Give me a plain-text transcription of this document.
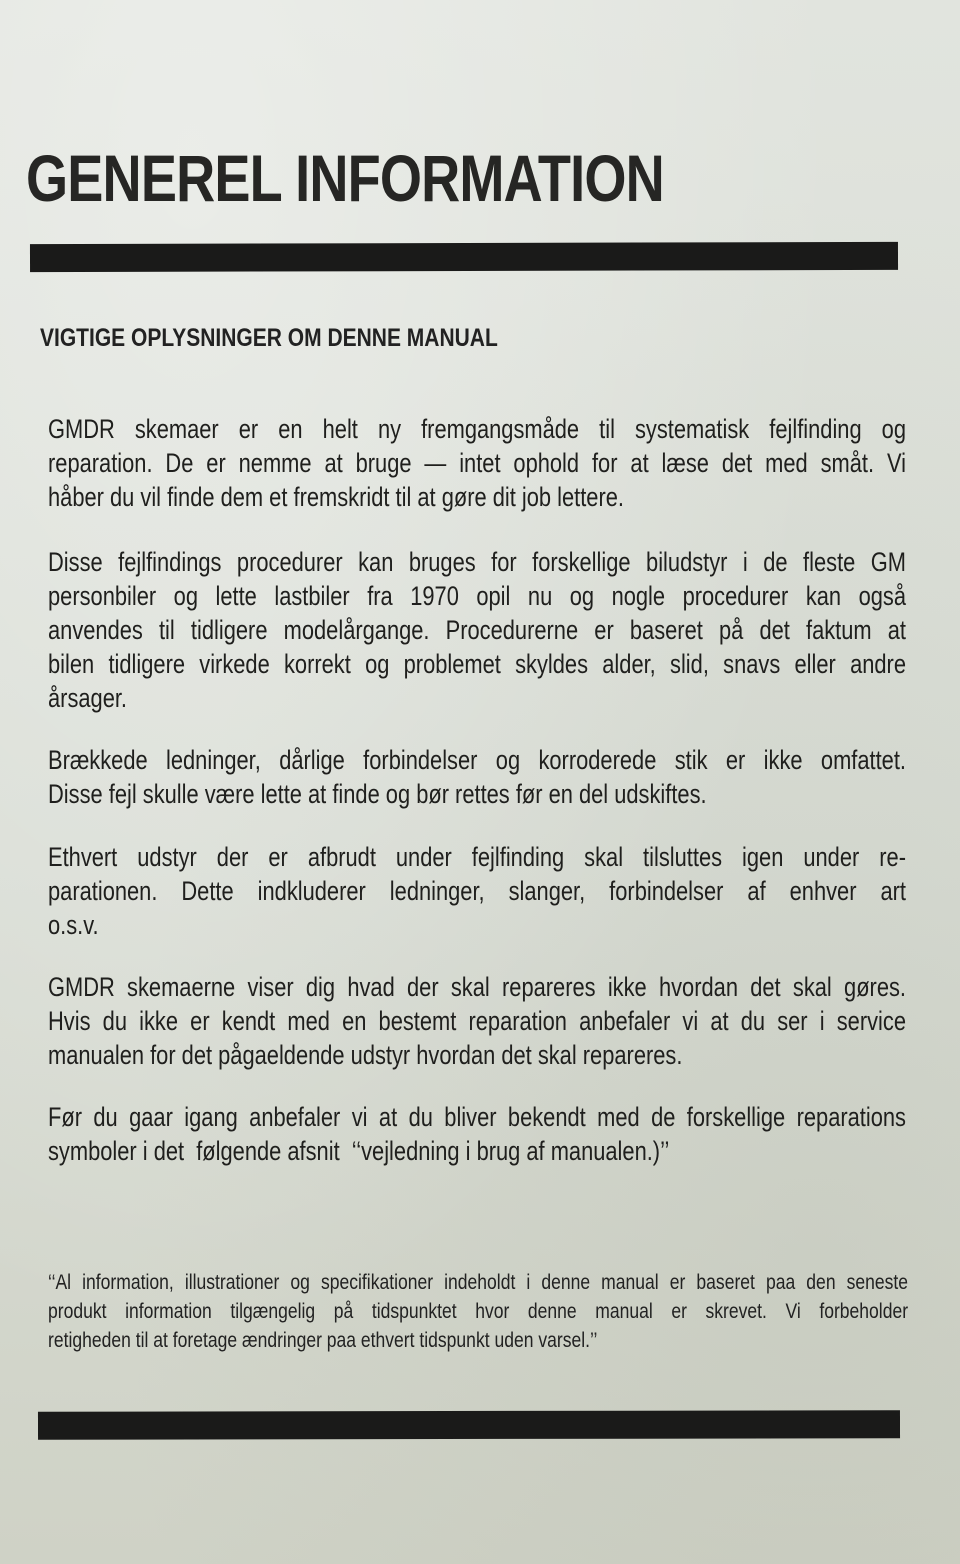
GENEREL INFORMATION
VIGTIGE OPLYSNINGER OM DENNE MANUAL
GMDR skemaer er en helt ny fremgangsmåde til systematisk fejlfinding og
reparation. De er nemme at bruge — intet ophold for at læse det med småt. Vi
håber du vil finde dem et fremskridt til at gøre dit job lettere.
Disse fejlfindings procedurer kan bruges for forskellige biludstyr i de fleste GM
personbiler og lette lastbiler fra 1970 opil nu og nogle procedurer kan også
anvendes til tidligere modelårgange. Procedurerne er baseret på det faktum at
bilen tidligere virkede korrekt og problemet skyldes alder, slid, snavs eller andre
årsager.
Brækkede ledninger, dårlige forbindelser og korroderede stik er ikke omfattet.
Disse fejl skulle være lette at finde og bør rettes før en del udskiftes.
Ethvert udstyr der er afbrudt under fejlfinding skal tilsluttes igen under re-
parationen. Dette indkluderer ledninger, slanger, forbindelser af enhver art
o.s.v.
GMDR skemaerne viser dig hvad der skal repareres ikke hvordan det skal gøres.
Hvis du ikke er kendt med en bestemt reparation anbefaler vi at du ser i service
manualen for det pågaeldende udstyr hvordan det skal repareres.
Før du gaar igang anbefaler vi at du bliver bekendt med de forskellige reparations
symboler i det  følgende afsnit  ‘‘vejledning i brug af manualen.)’’
‘‘Al information, illustrationer og specifikationer indeholdt i denne manual er baseret paa den seneste
produkt information tilgængelig på tidspunktet hvor denne manual er skrevet. Vi forbeholder
retigheden til at foretage ændringer paa ethvert tidspunkt uden varsel.’’
